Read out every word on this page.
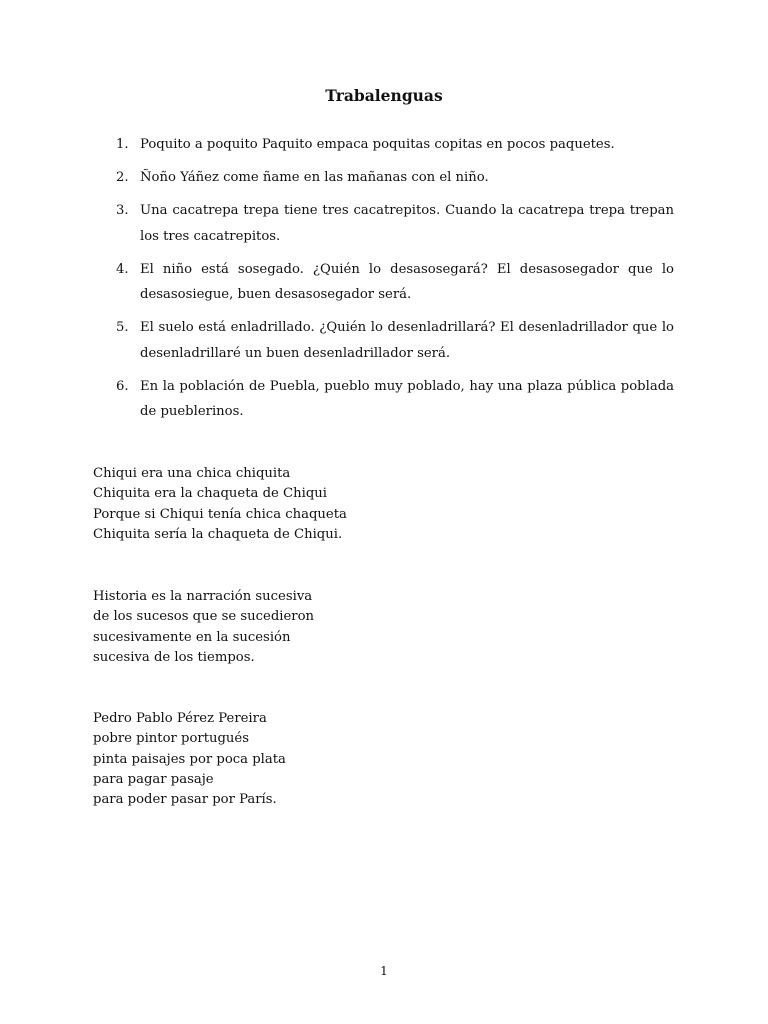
Trabalenguas
1. Poquito a poquito Paquito empaca poquitas copitas en pocos paquetes.
2. Ñoño Yáñez come ñame en las mañanas con el niño.
3. Una cacatrepa trepa tiene tres cacatrepitos. Cuando la cacatrepa trepa trepan los tres cacatrepitos.
4. El niño está sosegado. ¿Quién lo desasosegará? El desasosegador que lo desasosiegue, buen desasosegador será.
5. El suelo está enladrillado. ¿Quién lo desenladrillará? El desenladrillador que lo desenladrillaré un buen desenladrillador será.
6. En la población de Puebla, pueblo muy poblado, hay una plaza pública poblada de pueblerinos.
Chiqui era una chica chiquita
Chiquita era la chaqueta de Chiqui
Porque si Chiqui tenía chica chaqueta
Chiquita sería la chaqueta de Chiqui.
Historia es la narración sucesiva
de los sucesos que se sucedieron
sucesivamente en la sucesión
sucesiva de los tiempos.
Pedro Pablo Pérez Pereira
pobre pintor portugués
pinta paisajes por poca plata
para pagar pasaje
para poder pasar por París.
1
